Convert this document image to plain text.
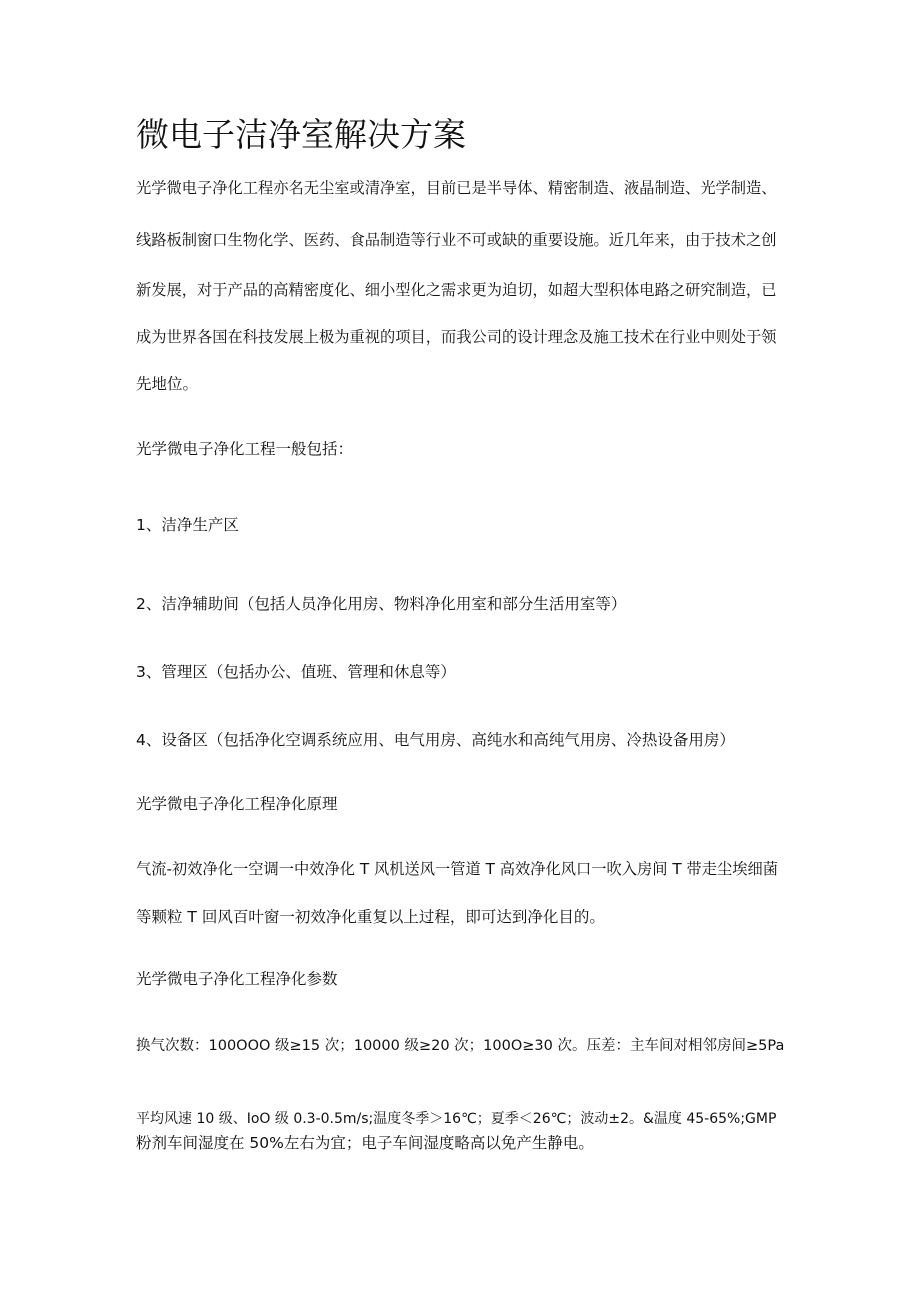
微电子洁净室解决方案

光学微电子净化工程亦名无尘室或清净室，目前已是半导体、精密制造、液晶制造、光学制造、

线路板制窗口生物化学、医药、食品制造等行业不可或缺的重要设施。近几年来，由于技术之创

新发展，对于产品的高精密度化、细小型化之需求更为迫切，如超大型积体电路之研究制造，已

成为世界各国在科技发展上极为重视的项目，而我公司的设计理念及施工技术在行业中则处于领

先地位。

光学微电子净化工程一般包括：

1、洁净生产区

2、洁净辅助间（包括人员净化用房、物料净化用室和部分生活用室等）

3、管理区（包括办公、值班、管理和休息等）

4、设备区（包括净化空调系统应用、电气用房、高纯水和高纯气用房、冷热设备用房）

光学微电子净化工程净化原理

气流-初效净化一空调一中效净化 T 风机送风一管道 T 高效净化风口一吹入房间 T 带走尘埃细菌

等颗粒 T 回风百叶窗一初效净化重复以上过程，即可达到净化目的。

光学微电子净化工程净化参数

换气次数：100OOO 级≥15 次；10000 级≥20 次；100O≥30 次。压差：主车间对相邻房间≥5Pa

平均风速 10 级、IoO 级 0.3-0.5m/s;温度冬季＞16℃；夏季＜26℃；波动±2。&温度 45-65%;GMP

粉剂车间湿度在 50%左右为宜；电子车间湿度略高以免产生静电。
